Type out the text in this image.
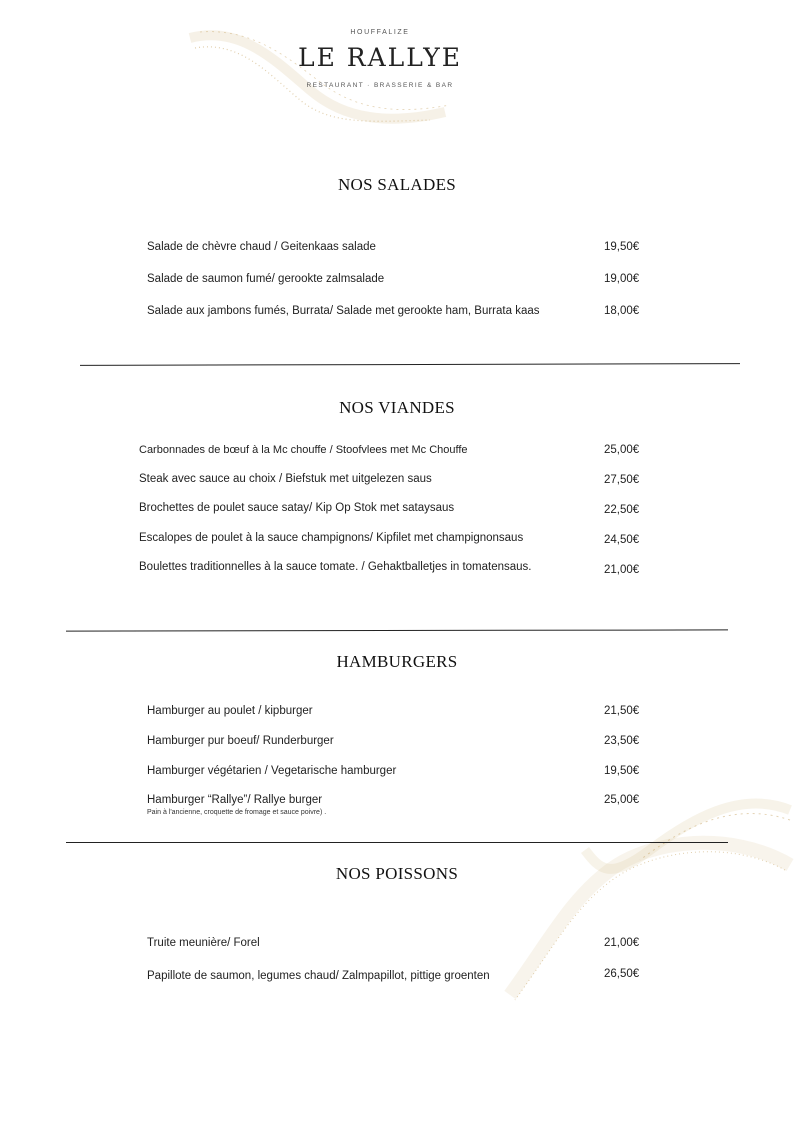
HOUFFALIZE
LE RALLYE
RESTAURANT · BRASSERIE & BAR
NOS SALADES
Salade de chèvre chaud / Geitenkaas salade	19,50€
Salade de saumon fumé/ gerookte zalmsalade	19,00€
Salade aux jambons fumés, Burrata/ Salade met gerookte ham, Burrata kaas	18,00€
NOS VIANDES
Carbonnades de bœuf à la Mc chouffe / Stoofvlees met Mc Chouffe	25,00€
Steak avec sauce au choix / Biefstuk met uitgelezen saus	27,50€
Brochettes de poulet sauce satay/ Kip Op Stok met sataysaus	22,50€
Escalopes de poulet à la sauce champignons/ Kipfilet met champignonsaus	24,50€
Boulettes traditionnelles à la sauce tomate. / Gehaktballetjes in tomatensaus.	21,00€
HAMBURGERS
Hamburger au poulet / kipburger	21,50€
Hamburger pur boeuf/ Runderburger	23,50€
Hamburger végétarien / Vegetarische hamburger	19,50€
Hamburger “Rallye”/ Rallye burger	25,00€
Pain à l'ancienne, croquette de fromage et sauce poivre) .
NOS POISSONS
Truite meunière/ Forel	21,00€
Papillote de saumon, legumes chaud/ Zalmpapillot, pittige groenten	26,50€
